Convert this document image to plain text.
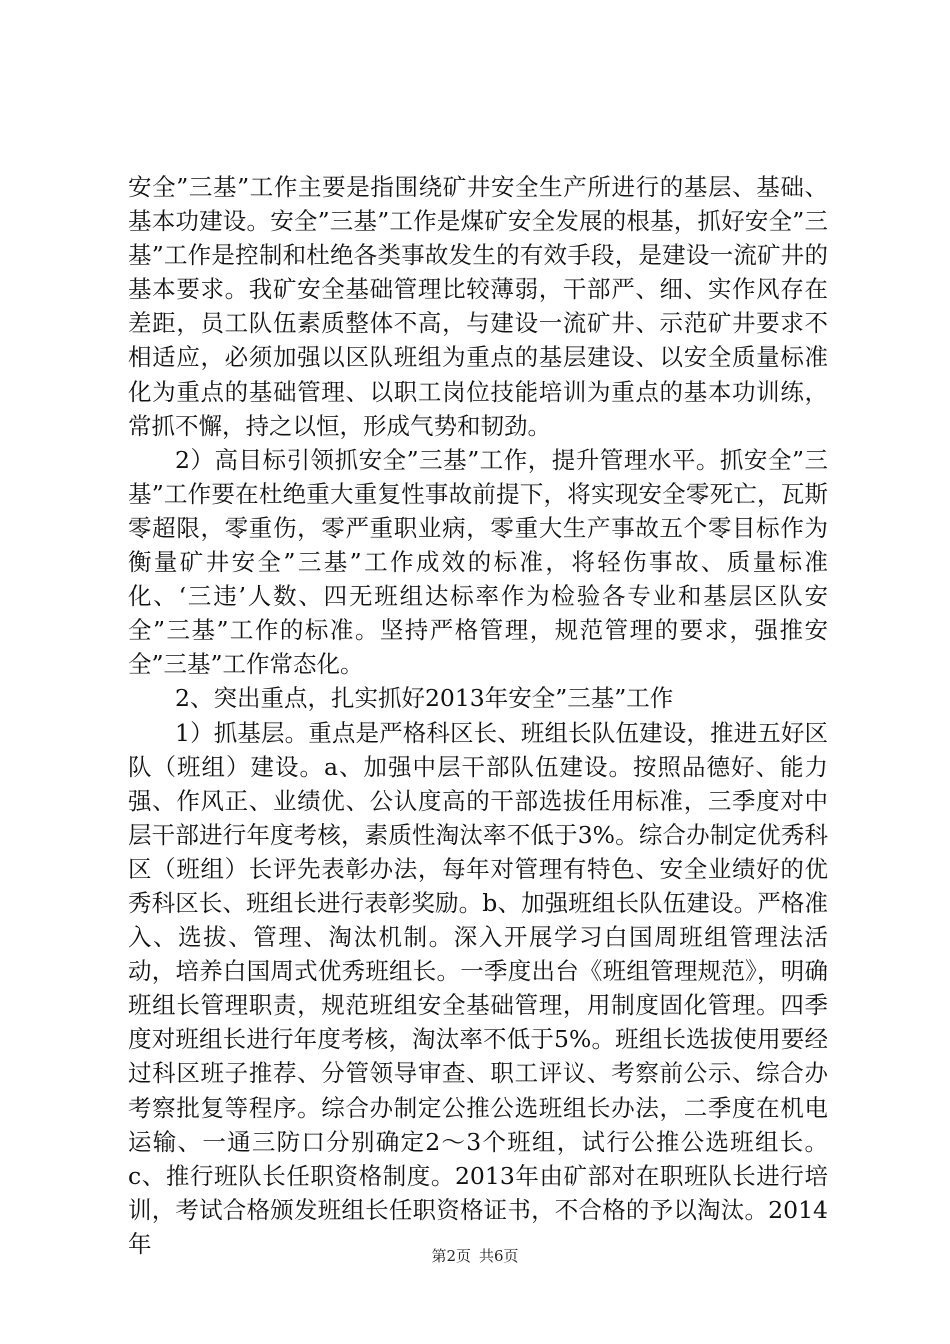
安全”三基”工作主要是指围绕矿井安全生产所进行的基层、基础、基本功建设。安全”三基”工作是煤矿安全发展的根基，抓好安全”三基”工作是控制和杜绝各类事故发生的有效手段，是建设一流矿井的基本要求。我矿安全基础管理比较薄弱，干部严、细、实作风存在差距，员工队伍素质整体不高，与建设一流矿井、示范矿井要求不相适应，必须加强以区队班组为重点的基层建设、以安全质量标准化为重点的基础管理、以职工岗位技能培训为重点的基本功训练，常抓不懈，持之以恒，形成气势和韧劲。

2）高目标引领抓安全”三基”工作，提升管理水平。抓安全”三基”工作要在杜绝重大重复性事故前提下，将实现安全零死亡，瓦斯零超限，零重伤，零严重职业病，零重大生产事故五个零目标作为衡量矿井安全”三基”工作成效的标准，将轻伤事故、质量标准化、‘三违’人数、四无班组达标率作为检验各专业和基层区队安全”三基”工作的标准。坚持严格管理，规范管理的要求，强推安全”三基”工作常态化。

2、突出重点，扎实抓好2013年安全”三基”工作

1）抓基层。重点是严格科区长、班组长队伍建设，推进五好区队（班组）建设。a、加强中层干部队伍建设。按照品德好、能力强、作风正、业绩优、公认度高的干部选拔任用标准，三季度对中层干部进行年度考核，素质性淘汰率不低于3%。综合办制定优秀科区（班组）长评先表彰办法，每年对管理有特色、安全业绩好的优秀科区长、班组长进行表彰奖励。b、加强班组长队伍建设。严格准入、选拔、管理、淘汰机制。深入开展学习白国周班组管理法活动，培养白国周式优秀班组长。一季度出台《班组管理规范》，明确班组长管理职责，规范班组安全基础管理，用制度固化管理。四季度对班组长进行年度考核，淘汰率不低于5%。班组长选拔使用要经过科区班子推荐、分管领导审查、职工评议、考察前公示、综合办考察批复等程序。综合办制定公推公选班组长办法，二季度在机电运输、一通三防口分别确定2～3个班组，试行公推公选班组长。c、推行班队长任职资格制度。2013年由矿部对在职班队长进行培训，考试合格颁发班组长任职资格证书，不合格的予以淘汰。2014年	第2页 共6页
